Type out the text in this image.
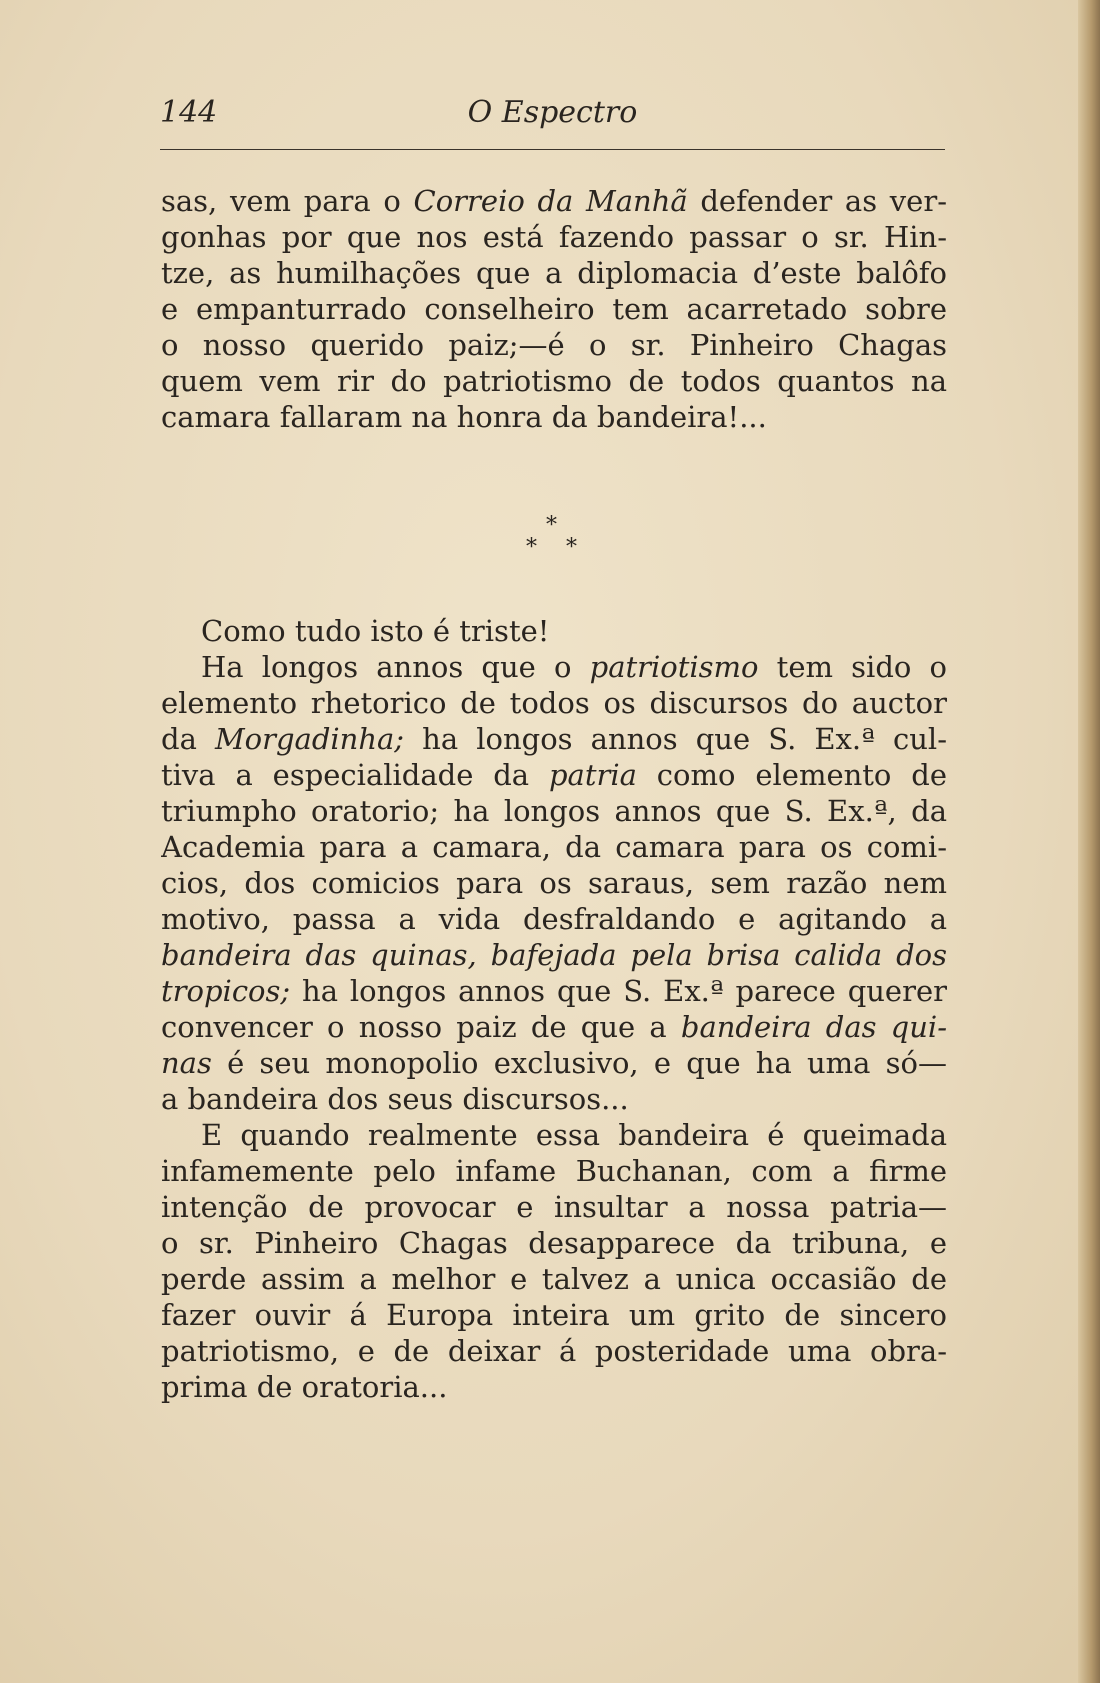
144	O Espectro
sas, vem para o Correio da Manhã defender as ver-
gonhas por que nos está fazendo passar o sr. Hin-
tze, as humilhações que a diplomacia d’este balôfo
e empanturrado conselheiro tem acarretado sobre
o nosso querido paiz;—é o sr. Pinheiro Chagas
quem vem rir do patriotismo de todos quantos na
camara fallaram na honra da bandeira!...
*
* *
Como tudo isto é triste!
Ha longos annos que o patriotismo tem sido o
elemento rhetorico de todos os discursos do auctor
da Morgadinha; ha longos annos que S. Ex.ª cul-
tiva a especialidade da patria como elemento de
triumpho oratorio; ha longos annos que S. Ex.ª, da
Academia para a camara, da camara para os comi-
cios, dos comicios para os saraus, sem razão nem
motivo, passa a vida desfraldando e agitando a
bandeira das quinas, bafejada pela brisa calida dos
tropicos; ha longos annos que S. Ex.ª parece querer
convencer o nosso paiz de que a bandeira das qui-
nas é seu monopolio exclusivo, e que ha uma só—
a bandeira dos seus discursos...
E quando realmente essa bandeira é queimada
infamemente pelo infame Buchanan, com a firme
intenção de provocar e insultar a nossa patria—
o sr. Pinheiro Chagas desapparece da tribuna, e
perde assim a melhor e talvez a unica occasião de
fazer ouvir á Europa inteira um grito de sincero
patriotismo, e de deixar á posteridade uma obra-
prima de oratoria...
